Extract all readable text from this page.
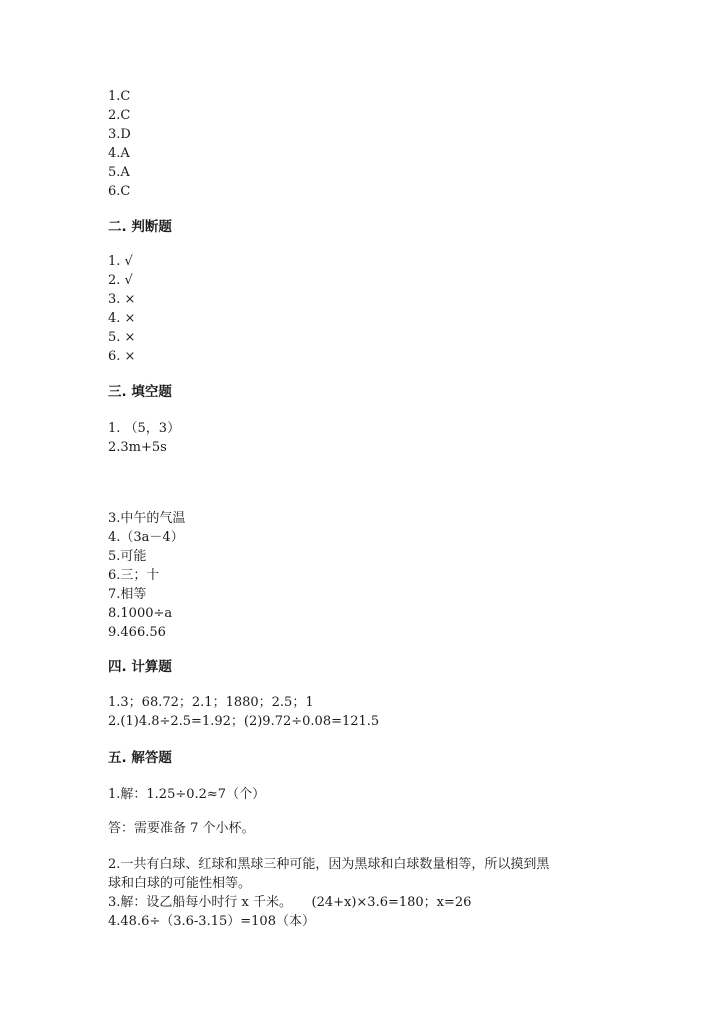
1.C
2.C
3.D
4.A
5.A
6.C
二. 判断题
1. √
2. √
3. ×
4. ×
5. ×
6. ×
三. 填空题
1. （5，3）
2.3m+5s
3.中午的气温
4.（3a－4）
5.可能
6.三；十
7.相等
8.1000÷a
9.466.56
四. 计算题
1.3；68.72；2.1；1880；2.5；1
2.(1)4.8÷2.5=1.92；(2)9.72÷0.08=121.5
五. 解答题
1.解：1.25÷0.2≈7（个）
答：需要准备 7 个小杯。
2.一共有白球、红球和黑球三种可能，因为黑球和白球数量相等，所以摸到黑
球和白球的可能性相等。
3.解：设乙船每小时行 x 千米。　　(24+x)×3.6=180；x=26
4.48.6÷（3.6-3.15）=108（本）
